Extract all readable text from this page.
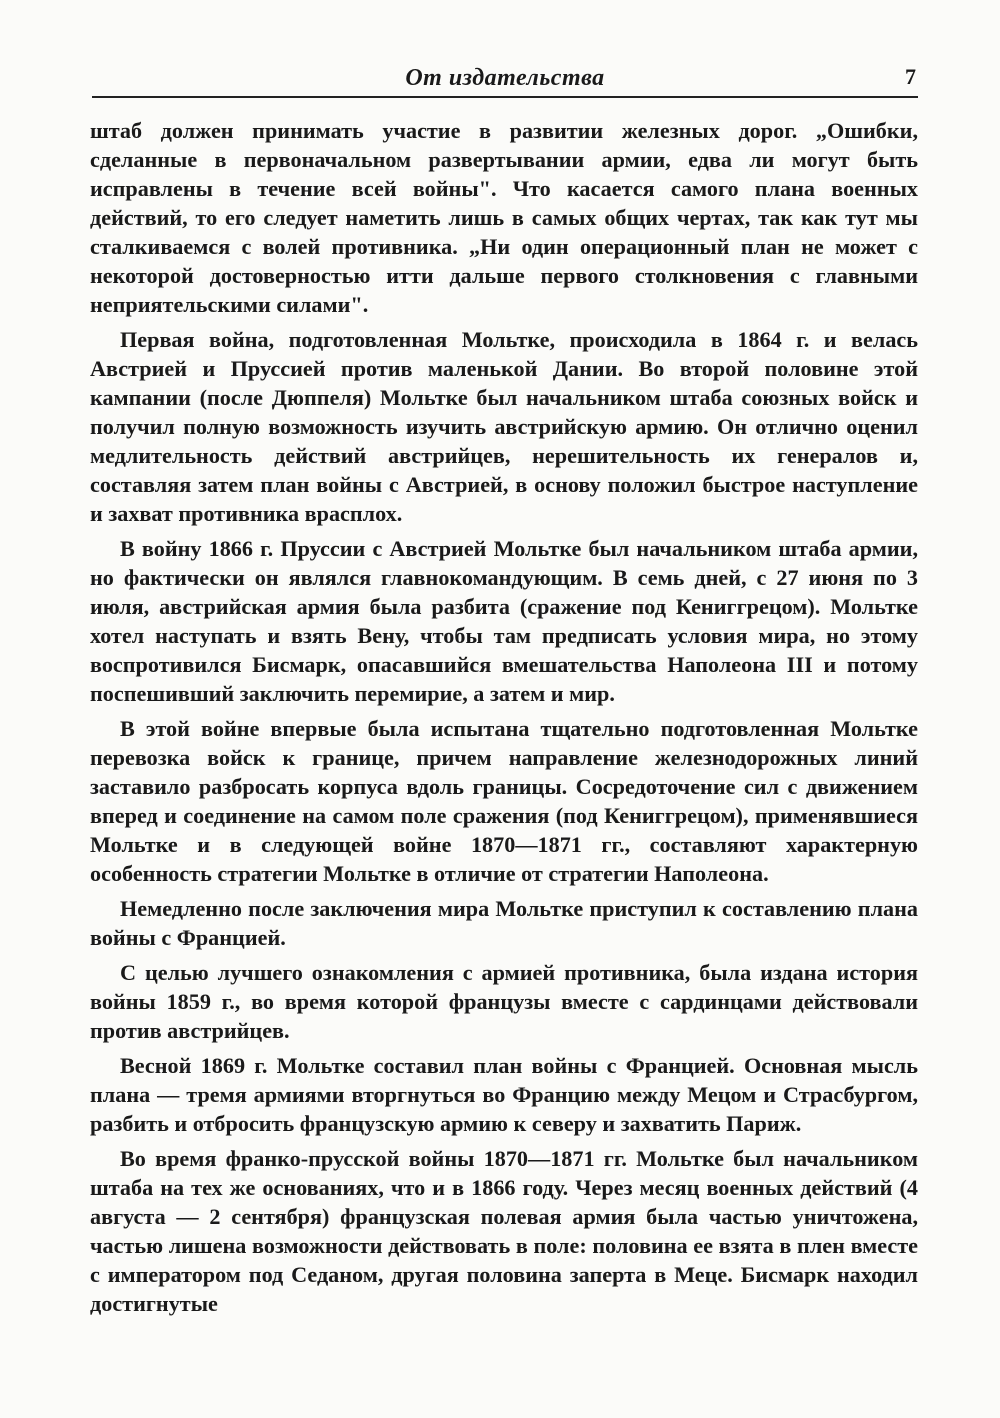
От издательства	7

штаб должен принимать участие в развитии железных дорог. „Ошибки, сделанные в первоначальном развертывании армии, едва ли могут быть исправлены в течение всей войны". Что касается самого плана военных действий, то его следует наметить лишь в самых общих чертах, так как тут мы сталкиваемся с волей противника. „Ни один операционный план не может с некоторой достоверностью итти дальше первого столкновения с главными неприятельскими силами".

Первая война, подготовленная Мольтке, происходила в 1864 г. и велась Австрией и Пруссией против маленькой Дании. Во второй половине этой кампании (после Дюппеля) Мольтке был начальником штаба союзных войск и получил полную возможность изучить австрийскую армию. Он отлично оценил медлительность действий австрийцев, нерешительность их генералов и, составляя затем план войны с Австрией, в основу положил быстрое наступление и захват противника врасплох.

В войну 1866 г. Пруссии с Австрией Мольтке был начальником штаба армии, но фактически он являлся главнокомандующим. В семь дней, с 27 июня по 3 июля, австрийская армия была разбита (сражение под Кениггрецом). Мольтке хотел наступать и взять Вену, чтобы там предписать условия мира, но этому воспротивился Бисмарк, опасавшийся вмешательства Наполеона III и потому поспешивший заключить перемирие, а затем и мир.

В этой войне впервые была испытана тщательно подготовленная Мольтке перевозка войск к границе, причем направление железнодорожных линий заставило разбросать корпуса вдоль границы. Сосредоточение сил с движением вперед и соединение на самом поле сражения (под Кениггрецом), применявшиеся Мольтке и в следующей войне 1870—1871 гг., составляют характерную особенность стратегии Мольтке в отличие от стратегии Наполеона.

Немедленно после заключения мира Мольтке приступил к составлению плана войны с Францией.

С целью лучшего ознакомления с армией противника, была издана история войны 1859 г., во время которой французы вместе с сардинцами действовали против австрийцев.

Весной 1869 г. Мольтке составил план войны с Францией. Основная мысль плана — тремя армиями вторгнуться во Францию между Мецом и Страсбургом, разбить и отбросить французскую армию к северу и захватить Париж.

Во время франко-прусской войны 1870—1871 гг. Мольтке был начальником штаба на тех же основаниях, что и в 1866 году. Через месяц военных действий (4 августа — 2 сентября) французская полевая армия была частью уничтожена, частью лишена возможности действовать в поле: половина ее взята в плен вместе с императором под Седаном, другая половина заперта в Меце. Бисмарк находил достигнутые
